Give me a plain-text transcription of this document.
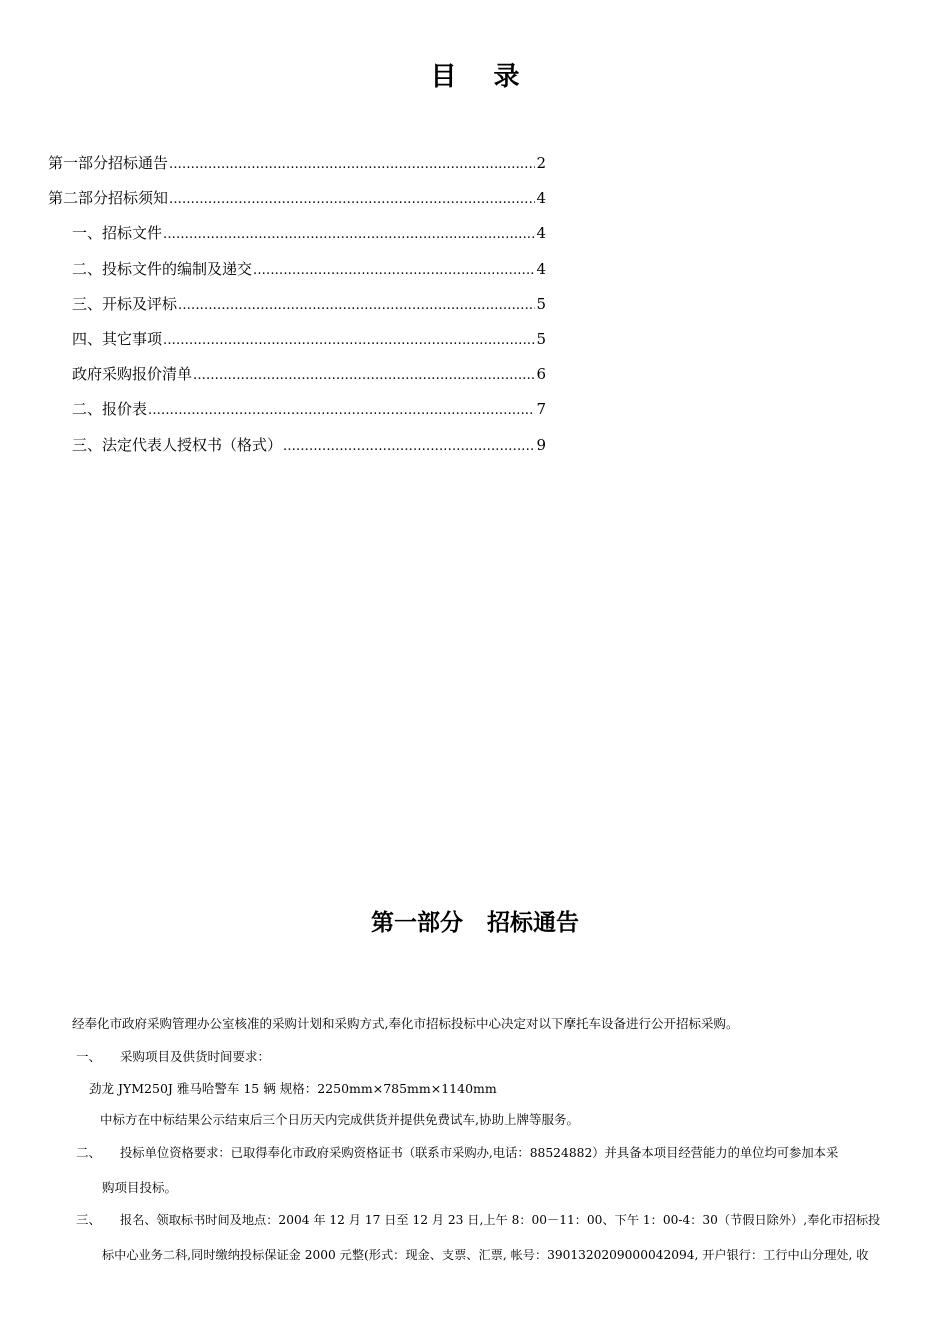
目 录
第一部分招标通告 .....	2
第二部分招标须知 .....	4
一、招标文件 .....	4
二、投标文件的编制及递交 .....	4
三、开标及评标 .....	5
四、其它事项 .....	5
政府采购报价清单 .....	6
二、报价表 .....	7
三、法定代表人授权书（格式） .....	9
第一部分   招标通告
经奉化市政府采购管理办公室核准的采购计划和采购方式,奉化市招标投标中心决定对以下摩托车设备进行公开招标采购。
一、 采购项目及供货时间要求：
劲龙 JYM250J 雅马哈警车 15 辆 规格：2250mm×785mm×1140mm
中标方在中标结果公示结束后三个日历天内完成供货并提供免费试车,协助上牌等服务。
二、 投标单位资格要求：已取得奉化市政府采购资格证书（联系市采购办,电话：88524882）并具备本项目经营能力的单位均可参加本采
购项目投标。
三、 报名、领取标书时间及地点：2004 年 12 月 17 日至 12 月 23 日,上午 8：00－11：00、下午 1：00-4：30（节假日除外）,奉化市招标投
标中心业务二科,同时缴纳投标保证金 2000 元整(形式：现金、支票、汇票, 帐号：3901320209000042094, 开户银行：工行中山分理处, 收
